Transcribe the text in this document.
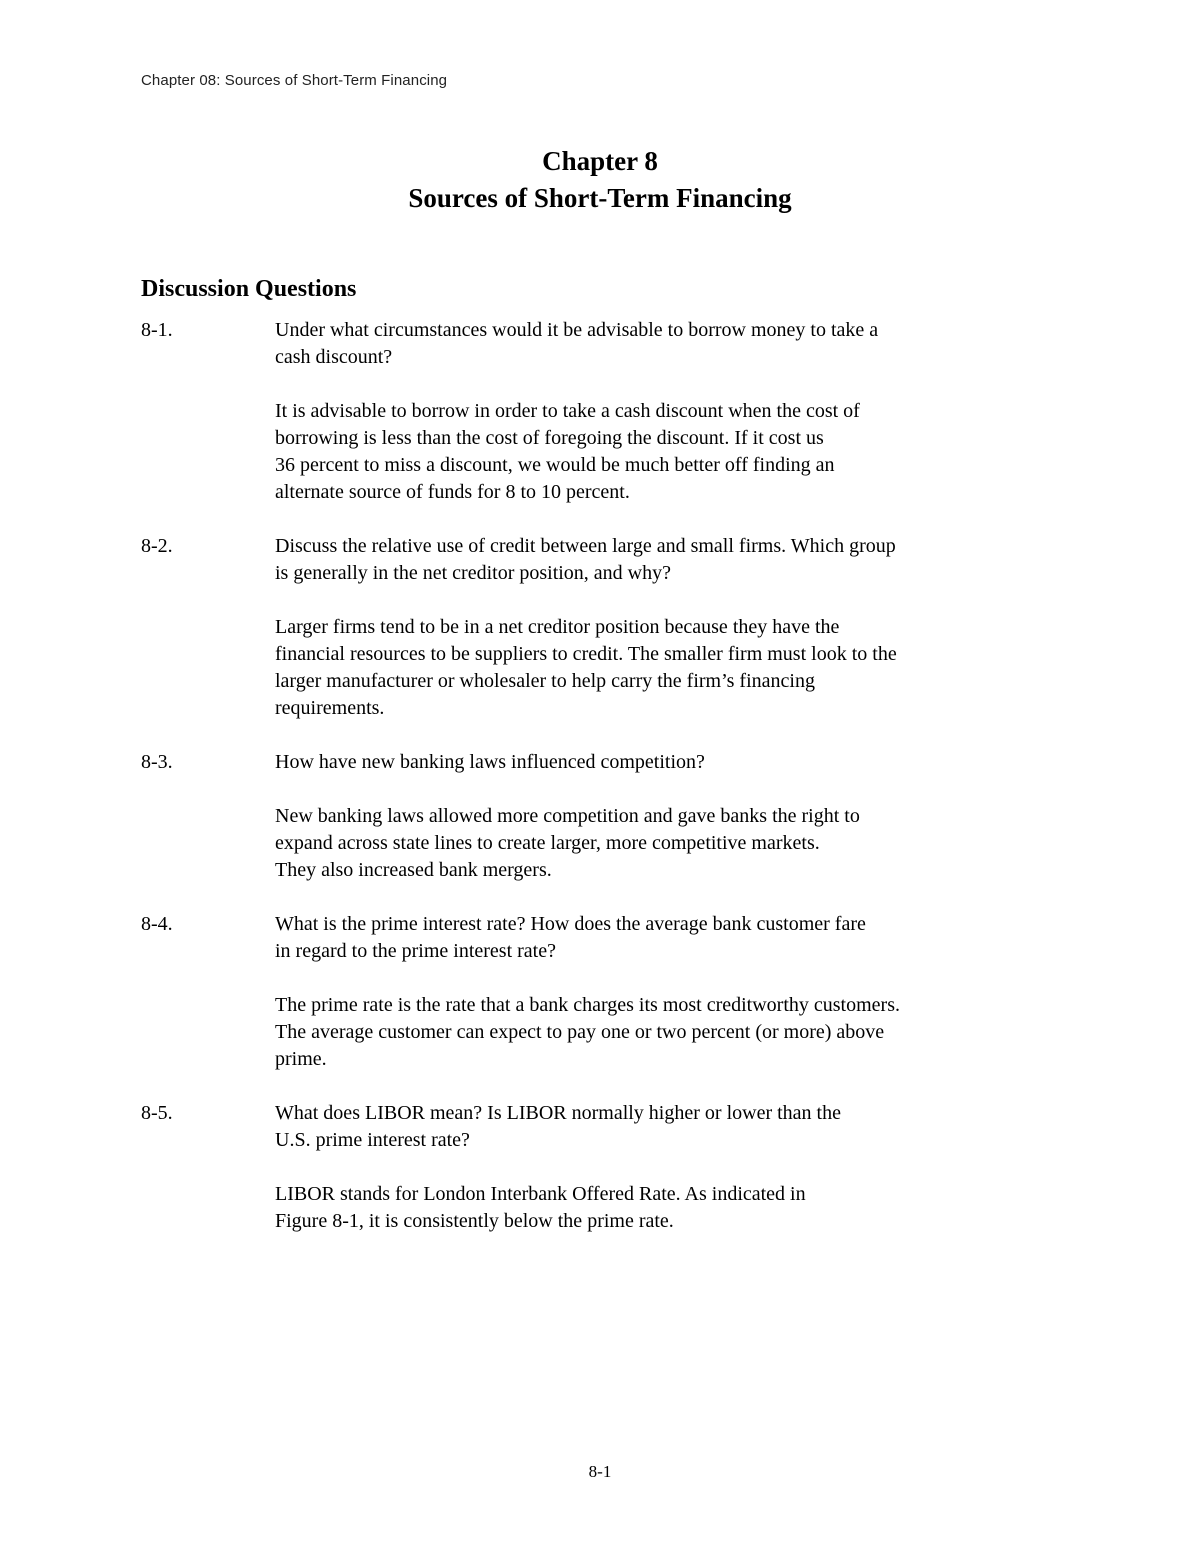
Chapter 08: Sources of Short-Term Financing
Chapter 8
Sources of Short-Term Financing
Discussion Questions
8-1.	Under what circumstances would it be advisable to borrow money to take a
cash discount?

It is advisable to borrow in order to take a cash discount when the cost of
borrowing is less than the cost of foregoing the discount. If it cost us
36 percent to miss a discount, we would be much better off finding an
alternate source of funds for 8 to 10 percent.

8-2.	Discuss the relative use of credit between large and small firms. Which group
is generally in the net creditor position, and why?

Larger firms tend to be in a net creditor position because they have the
financial resources to be suppliers to credit. The smaller firm must look to the
larger manufacturer or wholesaler to help carry the firm’s financing
requirements.

8-3.	How have new banking laws influenced competition?

New banking laws allowed more competition and gave banks the right to
expand across state lines to create larger, more competitive markets.
They also increased bank mergers.

8-4.	What is the prime interest rate? How does the average bank customer fare
in regard to the prime interest rate?

The prime rate is the rate that a bank charges its most creditworthy customers.
The average customer can expect to pay one or two percent (or more) above
prime.

8-5.	What does LIBOR mean? Is LIBOR normally higher or lower than the
U.S. prime interest rate?

LIBOR stands for London Interbank Offered Rate. As indicated in
Figure 8-1, it is consistently below the prime rate.

8-1
